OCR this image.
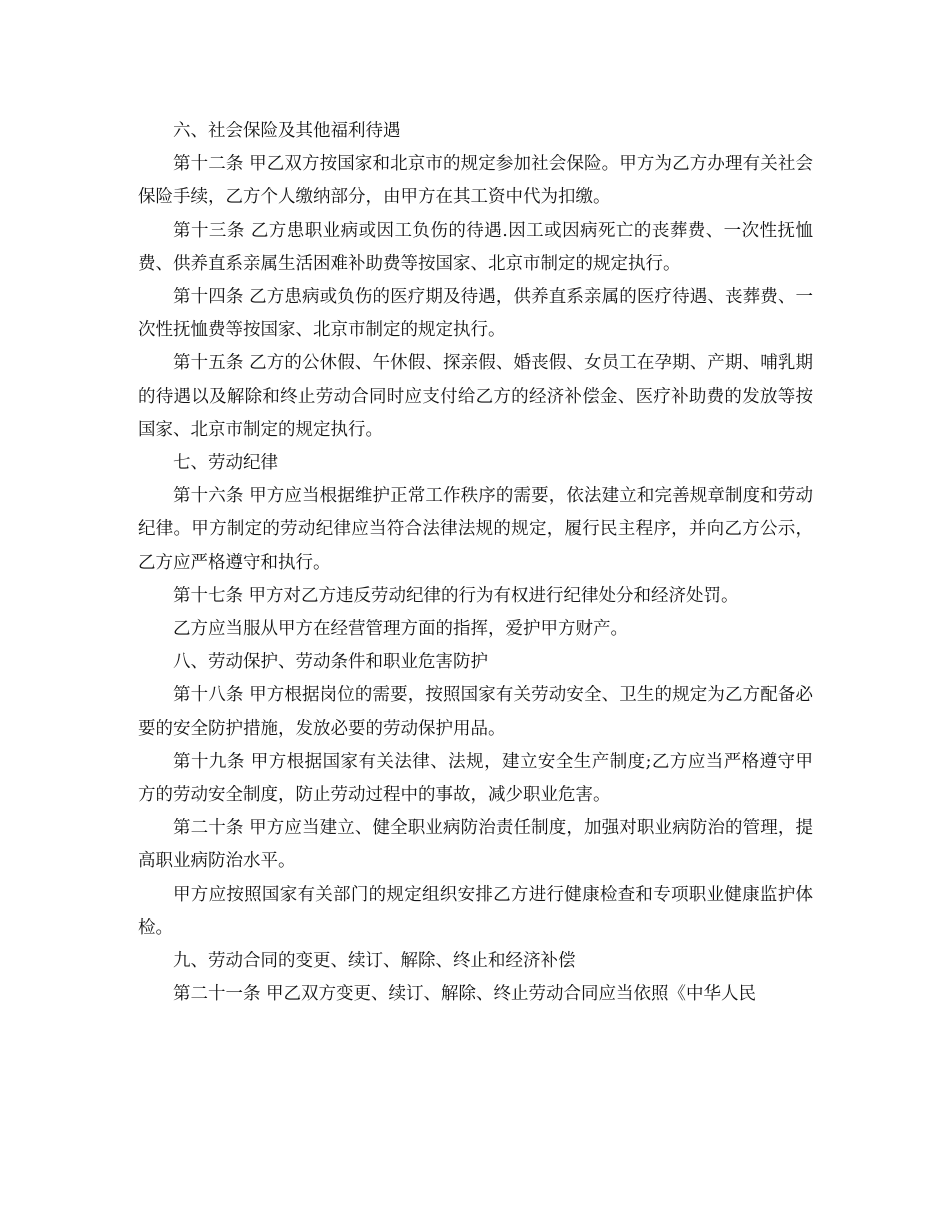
六、社会保险及其他福利待遇

第十二条 甲乙双方按国家和北京市的规定参加社会保险。甲方为乙方办理有关社会保险手续，乙方个人缴纳部分，由甲方在其工资中代为扣缴。

第十三条 乙方患职业病或因工负伤的待遇.因工或因病死亡的丧葬费、一次性抚恤费、供养直系亲属生活困难补助费等按国家、北京市制定的规定执行。

第十四条 乙方患病或负伤的医疗期及待遇，供养直系亲属的医疗待遇、丧葬费、一次性抚恤费等按国家、北京市制定的规定执行。

第十五条 乙方的公休假、午休假、探亲假、婚丧假、女员工在孕期、产期、哺乳期的待遇以及解除和终止劳动合同时应支付给乙方的经济补偿金、医疗补助费的发放等按国家、北京市制定的规定执行。

七、劳动纪律

第十六条 甲方应当根据维护正常工作秩序的需要，依法建立和完善规章制度和劳动纪律。甲方制定的劳动纪律应当符合法律法规的规定，履行民主程序，并向乙方公示，乙方应严格遵守和执行。

第十七条 甲方对乙方违反劳动纪律的行为有权进行纪律处分和经济处罚。

乙方应当服从甲方在经营管理方面的指挥，爱护甲方财产。

八、劳动保护、劳动条件和职业危害防护

第十八条 甲方根据岗位的需要，按照国家有关劳动安全、卫生的规定为乙方配备必要的安全防护措施，发放必要的劳动保护用品。

第十九条 甲方根据国家有关法律、法规，建立安全生产制度;乙方应当严格遵守甲方的劳动安全制度，防止劳动过程中的事故，减少职业危害。

第二十条 甲方应当建立、健全职业病防治责任制度，加强对职业病防治的管理，提高职业病防治水平。

甲方应按照国家有关部门的规定组织安排乙方进行健康检查和专项职业健康监护体检。

九、劳动合同的变更、续订、解除、终止和经济补偿

第二十一条 甲乙双方变更、续订、解除、终止劳动合同应当依照《中华人民
